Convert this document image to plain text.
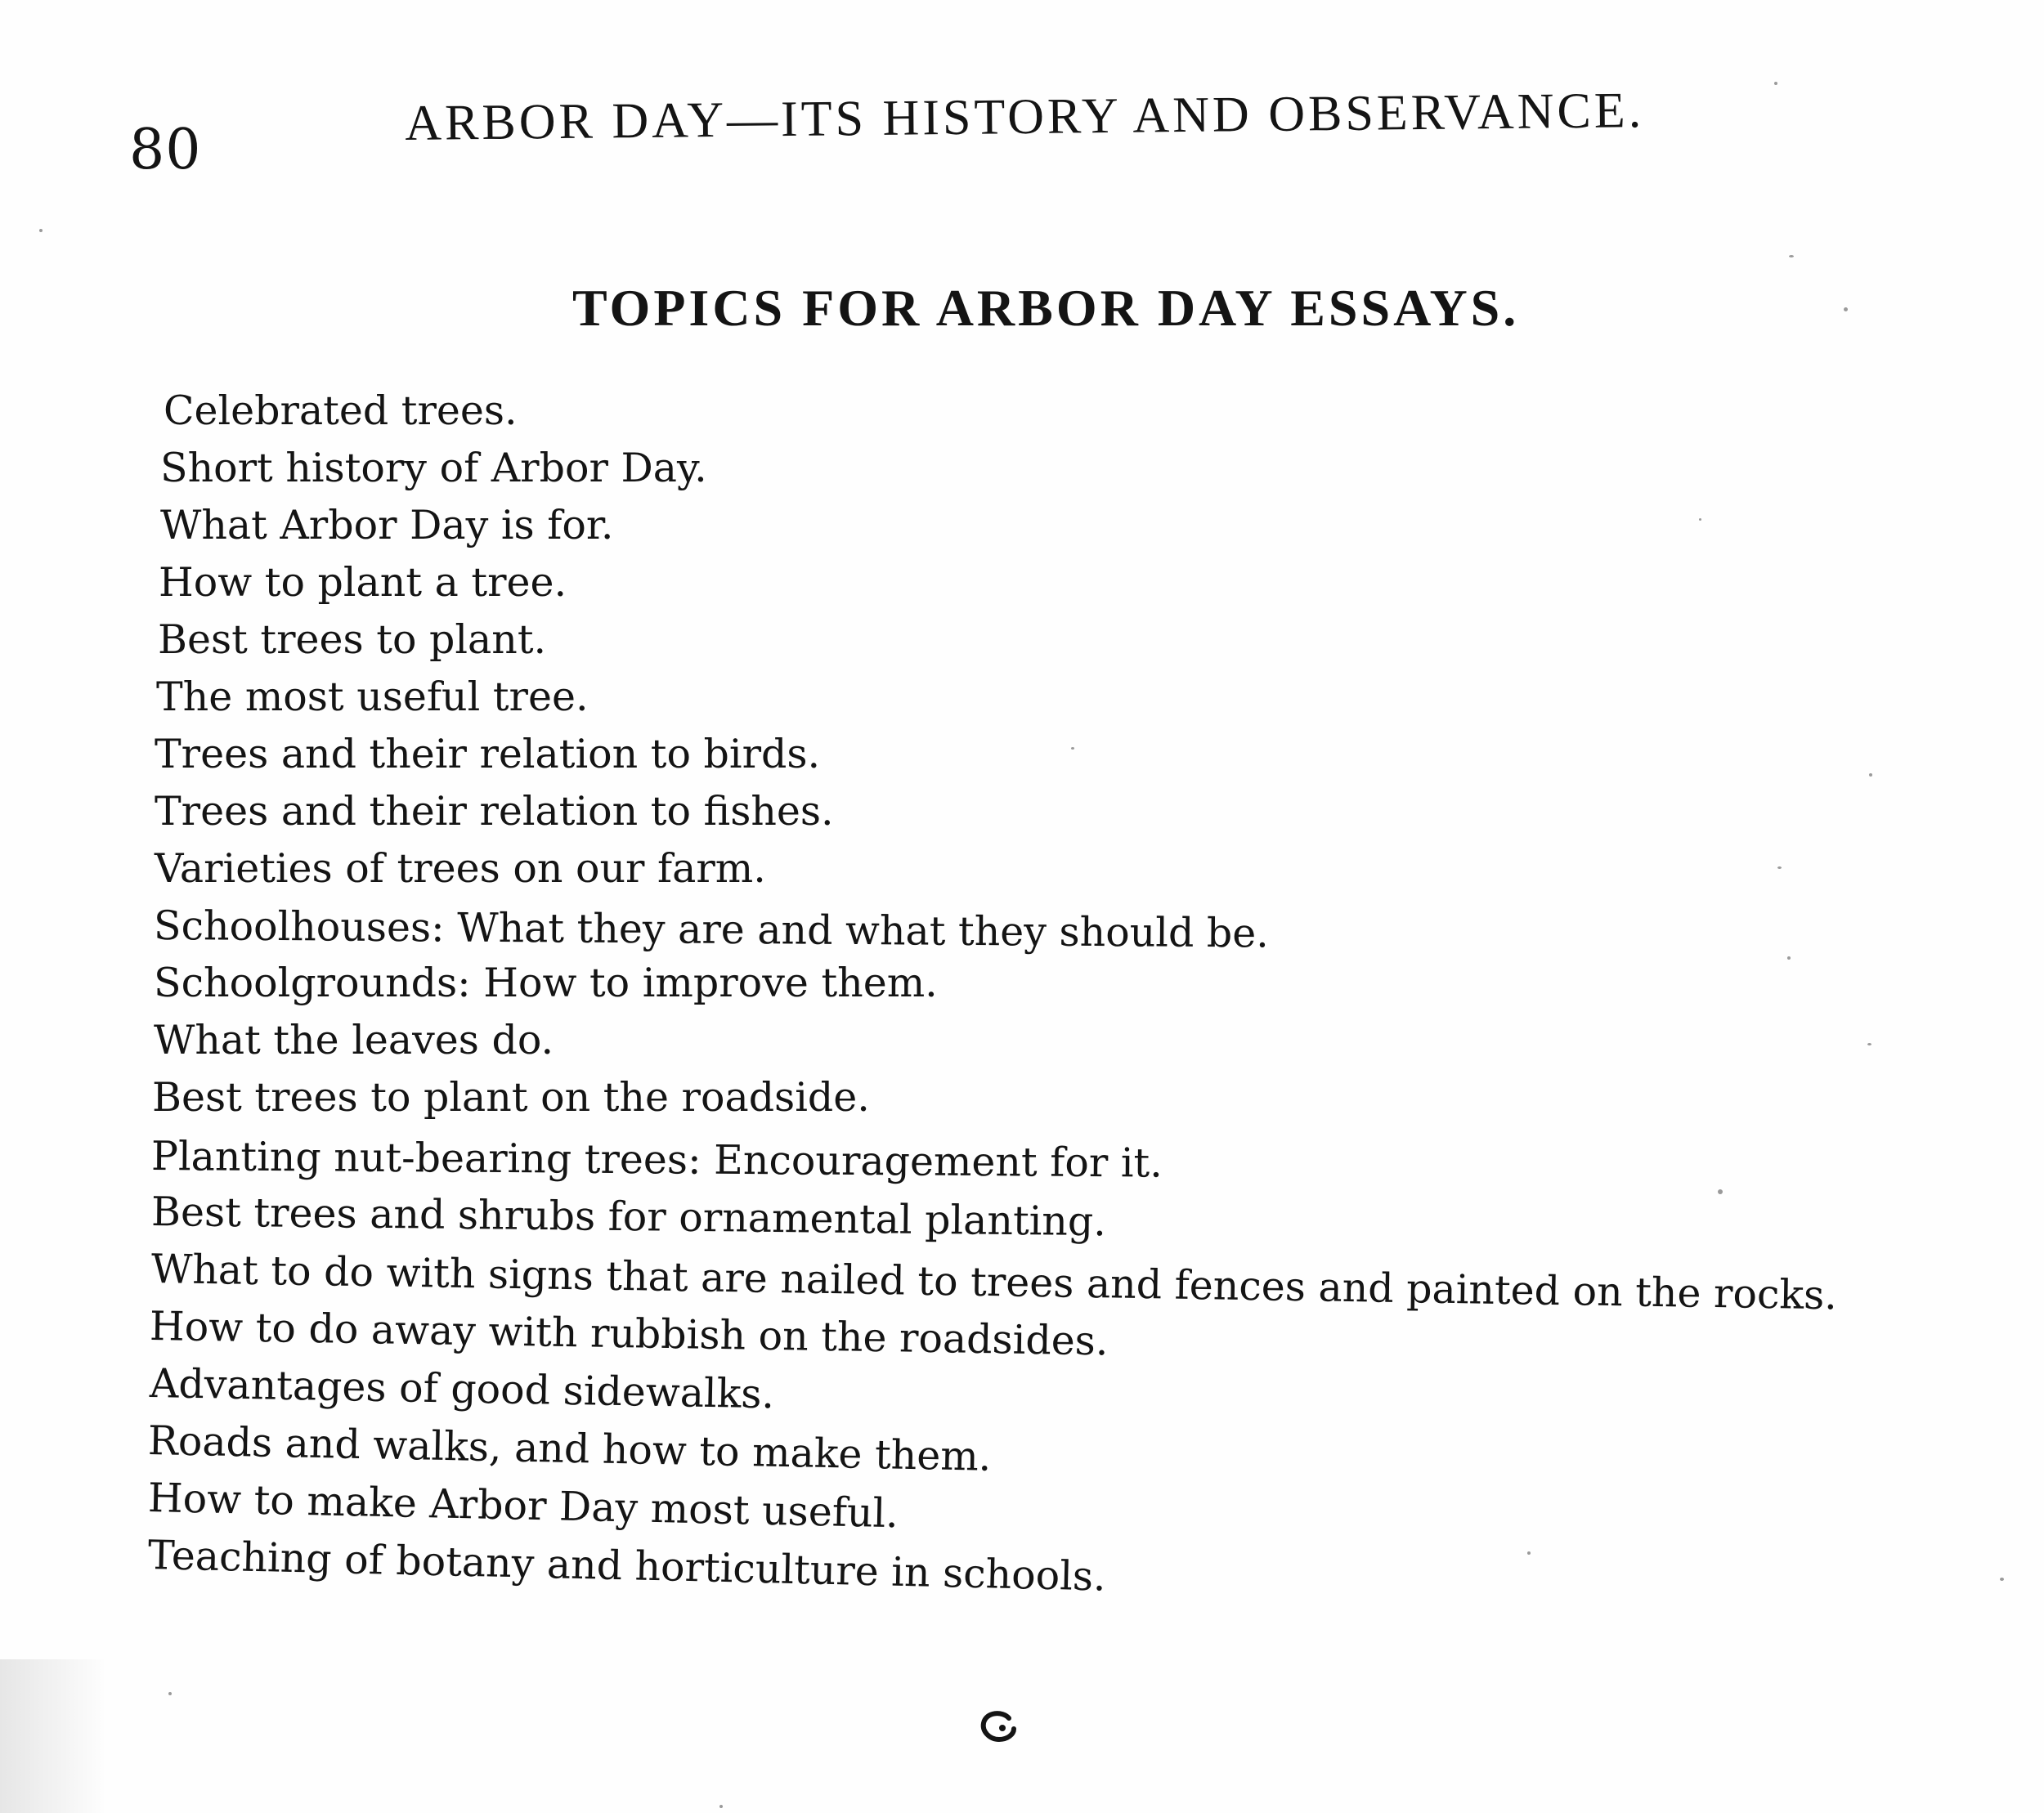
80	ARBOR DAY—ITS HISTORY AND OBSERVANCE.
TOPICS FOR ARBOR DAY ESSAYS.
Celebrated trees.
Short history of Arbor Day.
What Arbor Day is for.
How to plant a tree.
Best trees to plant.
The most useful tree.
Trees and their relation to birds.
Trees and their relation to fishes.
Varieties of trees on our farm.
Schoolhouses: What they are and what they should be.
Schoolgrounds: How to improve them.
What the leaves do.
Best trees to plant on the roadside.
Planting nut-bearing trees: Encouragement for it.
Best trees and shrubs for ornamental planting.
What to do with signs that are nailed to trees and fences and painted on the rocks.
How to do away with rubbish on the roadsides.
Advantages of good sidewalks.
Roads and walks, and how to make them.
How to make Arbor Day most useful.
Teaching of botany and horticulture in schools.
